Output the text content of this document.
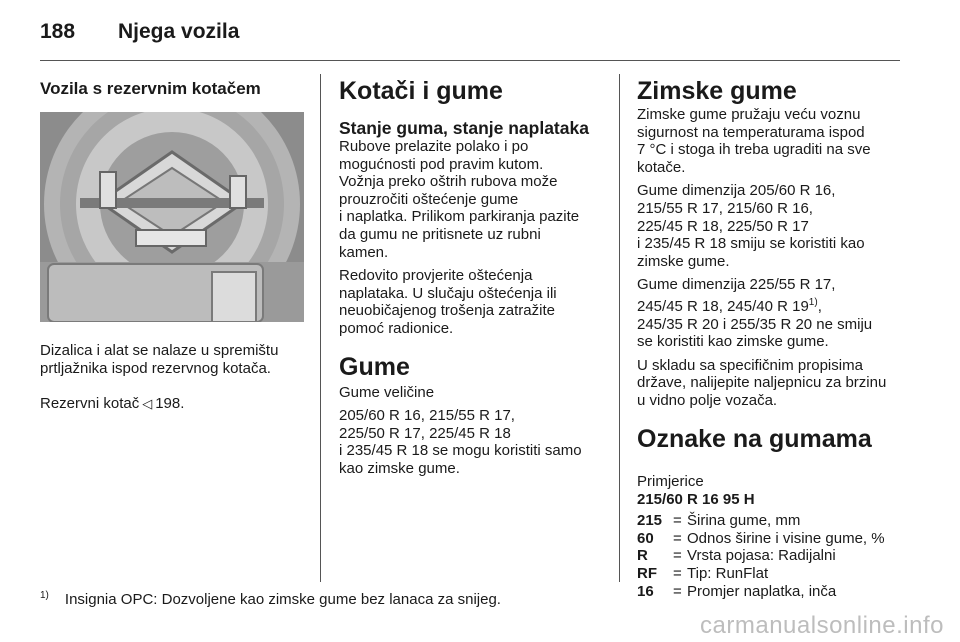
188 Njega vozila
Vozila s rezervnim kotačem

Dizalica i alat se nalaze u spremištu
prtljažnika ispod rezervnog kotača.

Rezervni kotač ◁ 198.

Kotači i gume
Stanje guma, stanje naplataka

Rubove prelazite polako i po
mogućnosti pod pravim kutom.
Vožnja preko oštrih rubova može
prouzročiti oštećenje gume
i naplatka. Prilikom parkiranja pazite
da gumu ne pritisnete uz rubni
kamen.

Redovito provjerite oštećenja
naplataka. U slučaju oštećenja ili
neuobičajenog trošenja zatražite
pomoć radionice.

Gume

Gume veličine

205/60 R 16, 215/55 R 17,
225/50 R 17, 225/45 R 18
i 235/45 R 18 se mogu koristiti samo
kao zimske gume.

Zimske gume

Zimske gume pružaju veću voznu
sigurnost na temperaturama ispod
7 °C i stoga ih treba ugraditi na sve
kotače.

Gume dimenzija 205/60 R 16,
215/55 R 17, 215/60 R 16,
225/45 R 18, 225/50 R 17
i 235/45 R 18 smiju se koristiti kao
zimske gume.

Gume dimenzija 225/55 R 17,
245/45 R 18, 245/40 R 19$^{1)}$,
245/35 R 20 i 255/35 R 20 ne smiju
se koristiti kao zimske gume.

U skladu sa specifičnim propisima
države, nalijepite naljepnicu za brzinu
u vidno polje vozača.

Oznake na gumama

Primjerice
215/60 R 16 95 H

215 = Širina gume, mm
60	= Odnos širine i visine gume, %
R	= Vrsta pojasa: Radijalni
RF	= Tip: RunFlat
16	= Promjer naplatka, inča
$^{1)}$ Insignia OPC: Dozvoljene kao zimske gume bez lanaca za snijeg.
carmanualsonline.info
